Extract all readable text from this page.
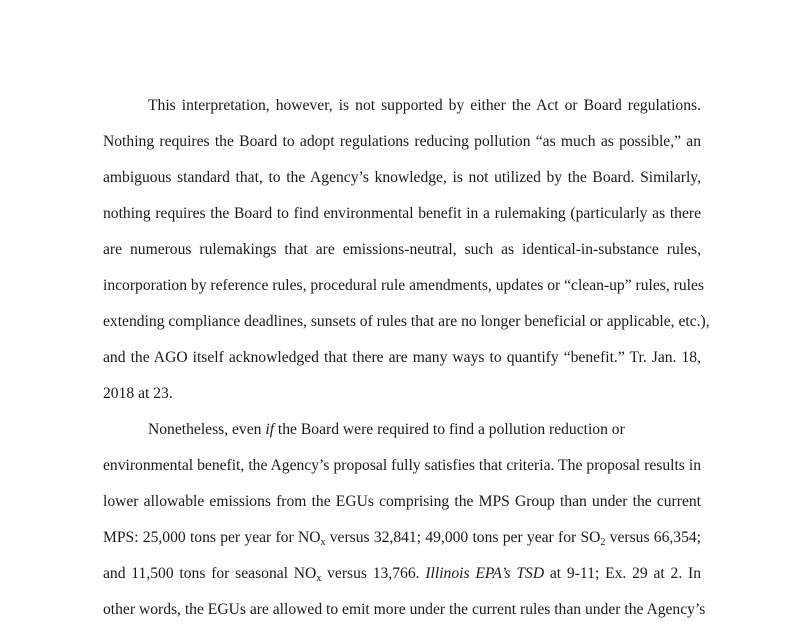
This interpretation, however, is not supported by either the Act or Board regulations.
Nothing requires the Board to adopt regulations reducing pollution “as much as possible,” an
ambiguous standard that, to the Agency’s knowledge, is not utilized by the Board. Similarly,
nothing requires the Board to find environmental benefit in a rulemaking (particularly as there
are numerous rulemakings that are emissions-neutral, such as identical-in-substance rules,
incorporation by reference rules, procedural rule amendments, updates or “clean-up” rules, rules
extending compliance deadlines, sunsets of rules that are no longer beneficial or applicable, etc.),
and the AGO itself acknowledged that there are many ways to quantify “benefit.” Tr. Jan. 18,
2018 at 23.
Nonetheless, even if the Board were required to find a pollution reduction or
environmental benefit, the Agency’s proposal fully satisfies that criteria. The proposal results in
lower allowable emissions from the EGUs comprising the MPS Group than under the current
MPS: 25,000 tons per year for $NO_x$ versus 32,841; 49,000 tons per year for $SO_2$ versus 66,354;
and 11,500 tons for seasonal $NO_x$ versus 13,766. Illinois EPA’s TSD at 9-11; Ex. 29 at 2. In
other words, the EGUs are allowed to emit more under the current rules than under the Agency’s
